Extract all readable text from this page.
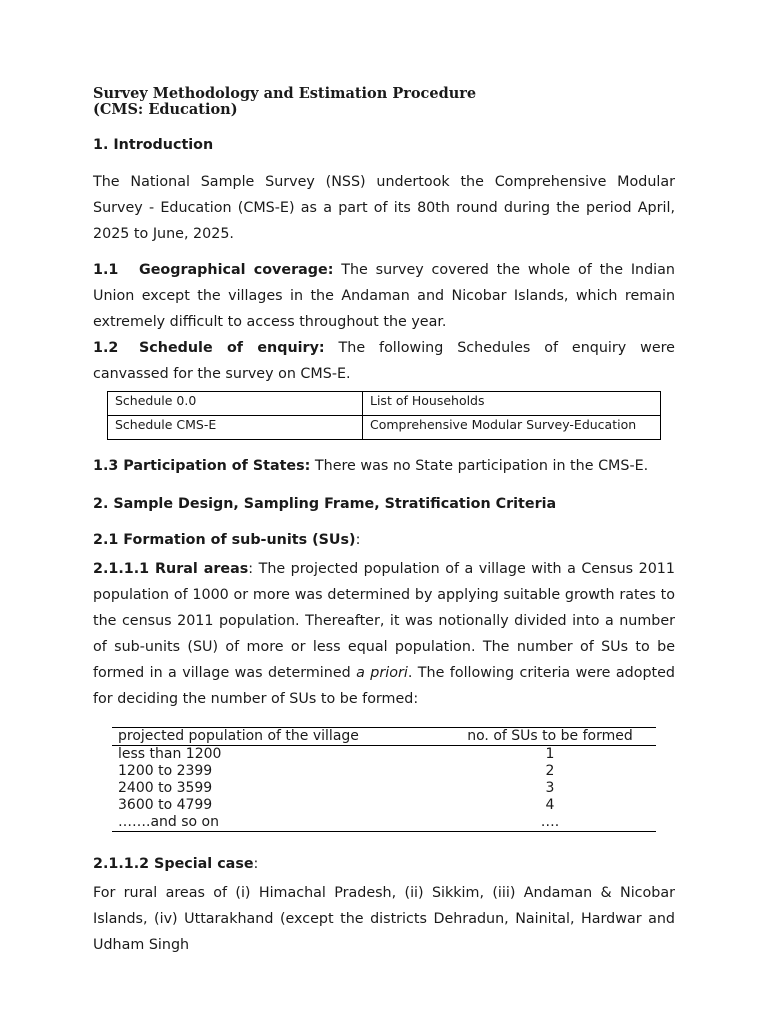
Survey Methodology and Estimation Procedure
(CMS: Education)

1. Introduction

The National Sample Survey (NSS) undertook the Comprehensive Modular Survey - Education (CMS-E) as a part of its 80th round during the period April, 2025 to June, 2025.

1.1 Geographical coverage: The survey covered the whole of the Indian Union except the villages in the Andaman and Nicobar Islands, which remain extremely difficult to access throughout the year.

1.2 Schedule of enquiry: The following Schedules of enquiry were canvassed for the survey on CMS-E.

Schedule 0.0	List of Households
Schedule CMS-E	Comprehensive Modular Survey-Education

1.3 Participation of States: There was no State participation in the CMS-E.

2. Sample Design, Sampling Frame, Stratification Criteria

2.1 Formation of sub-units (SUs):

2.1.1.1 Rural areas: The projected population of a village with a Census 2011 population of 1000 or more was determined by applying suitable growth rates to the census 2011 population. Thereafter, it was notionally divided into a number of sub-units (SU) of more or less equal population. The number of SUs to be formed in a village was determined a priori. The following criteria were adopted for deciding the number of SUs to be formed:

projected population of the village	no. of SUs to be formed
less than 1200	1
1200 to 2399	2
2400 to 3599	3
3600 to 4799	4
…….and so on	….

2.1.1.2 Special case:

For rural areas of (i) Himachal Pradesh, (ii) Sikkim, (iii) Andaman & Nicobar Islands, (iv) Uttarakhand (except the districts Dehradun, Nainital, Hardwar and Udham Singh
